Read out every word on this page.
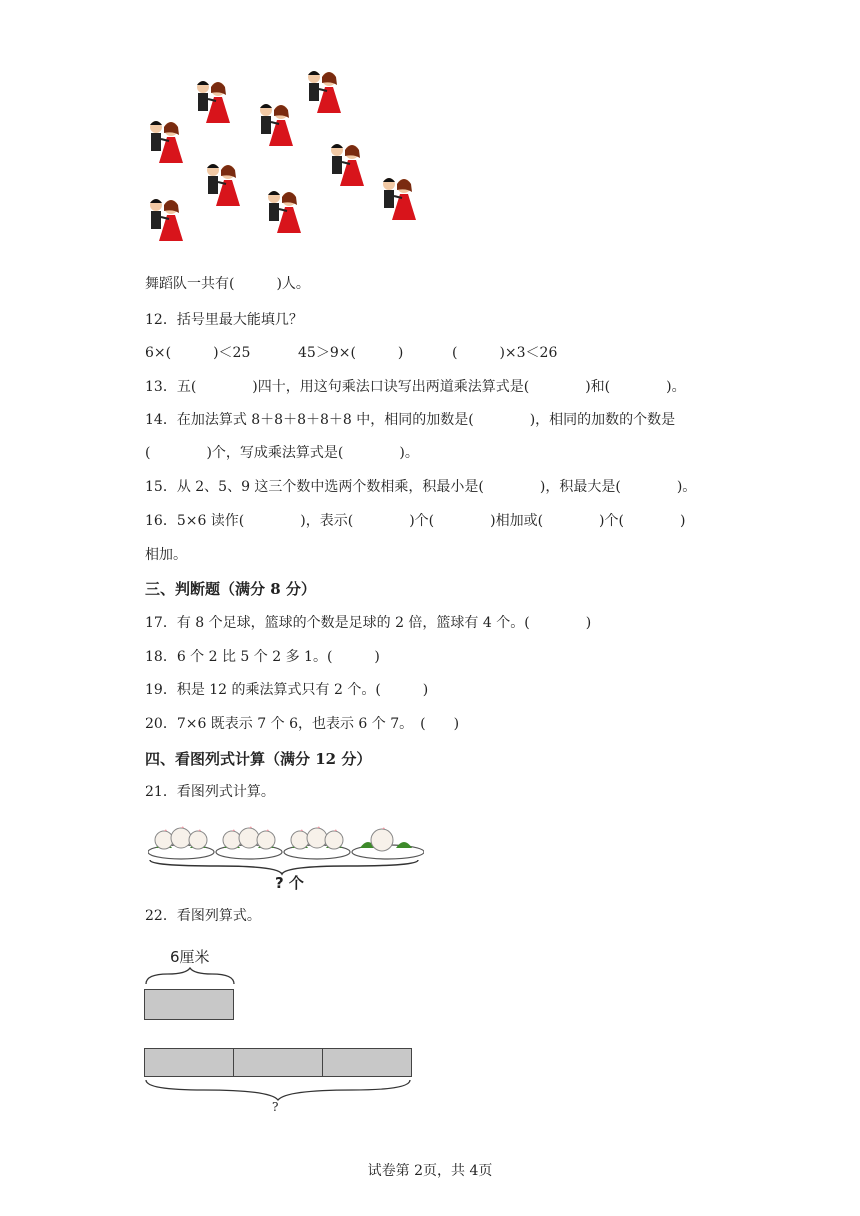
舞蹈队一共有(　　　)人。
12．括号里最大能填几？
6×(　　　)＜25	45＞9×(　　　)	(　　　)×3＜26
13．五(　　　　)四十，用这句乘法口诀写出两道乘法算式是(　　　　)和(　　　　)。
14．在加法算式 8＋8＋8＋8＋8 中，相同的加数是(　　　　)，相同的加数的个数是
(　　　　)个，写成乘法算式是(　　　　)。
15．从 2、5、9 这三个数中选两个数相乘，积最小是(　　　　)，积最大是(　　　　)。
16．5×6 读作(　　　　)，表示(　　　　)个(　　　　)相加或(　　　　)个(　　　　)
相加。
三、判断题（满分 8 分）
17．有 8 个足球，篮球的个数是足球的 2 倍，篮球有 4 个。(　　　　)
18．6 个 2 比 5 个 2 多 1。(　　　)
19．积是 12 的乘法算式只有 2 个。(　　　)
20．7×6 既表示 7 个 6，也表示 6 个 7。　(　　)
四、看图列式计算（满分 12 分）
21．看图列式计算。
? 个
22．看图列算式。
6厘米
?
试卷第 2页，共 4页
